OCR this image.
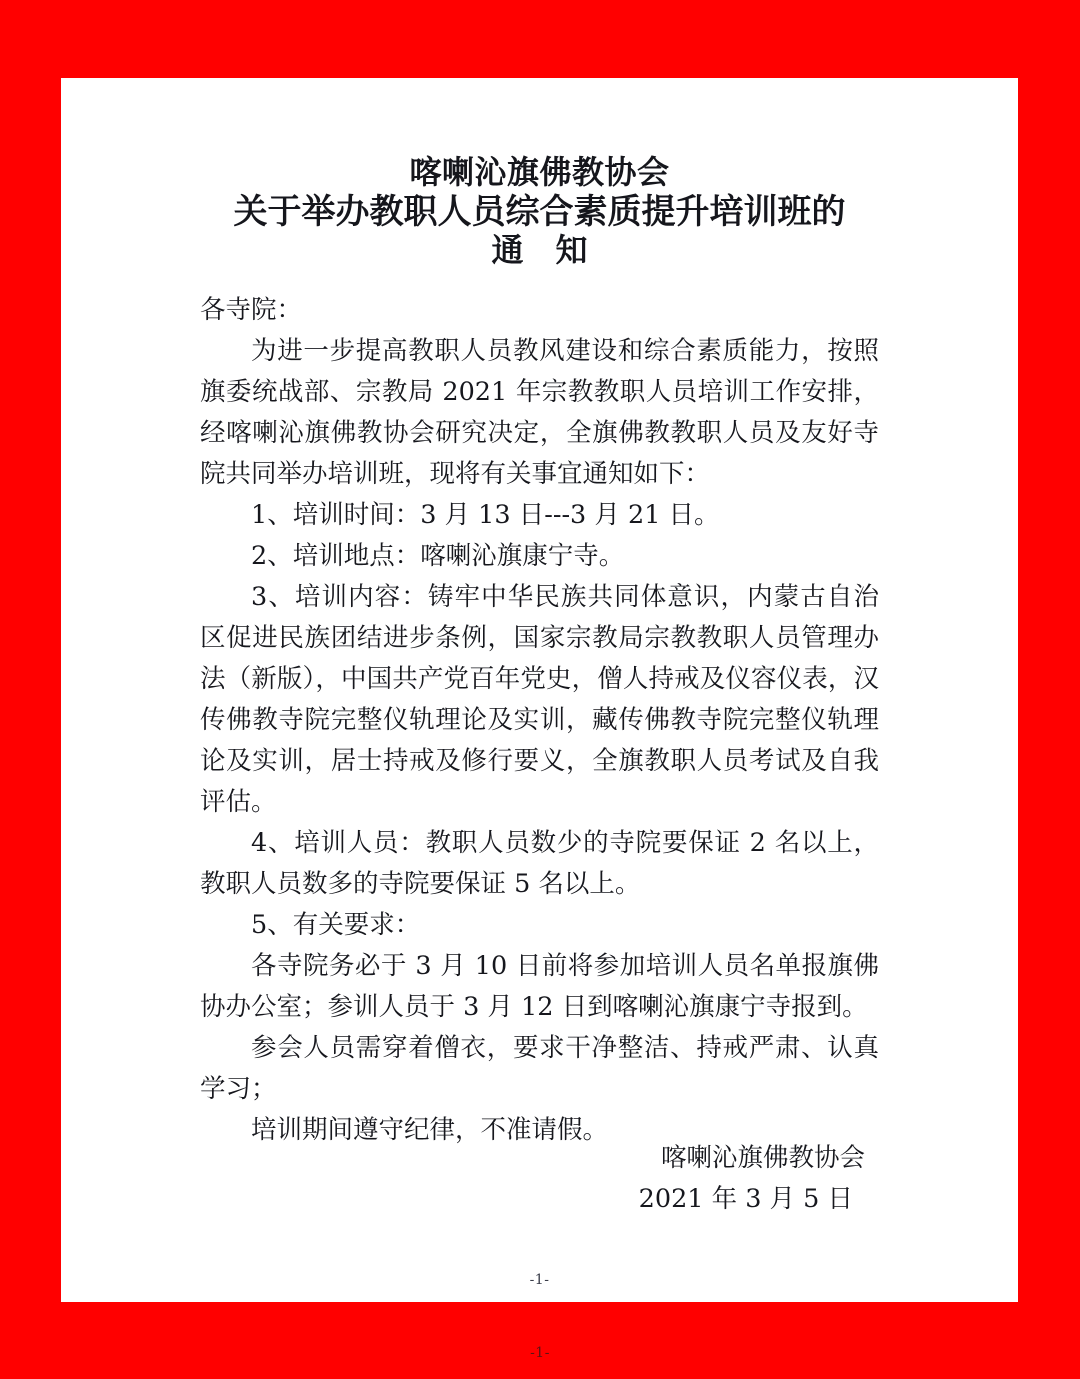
喀喇沁旗佛教协会
关于举办教职人员综合素质提升培训班的
通　知

各寺院：

为进一步提高教职人员教风建设和综合素质能力，按照旗委统战部、宗教局 2021 年宗教教职人员培训工作安排，经喀喇沁旗佛教协会研究决定，全旗佛教教职人员及友好寺院共同举办培训班，现将有关事宜通知如下：

1、培训时间：3 月 13 日---3 月 21 日。

2、培训地点：喀喇沁旗康宁寺。

3、培训内容：铸牢中华民族共同体意识，内蒙古自治区促进民族团结进步条例，国家宗教局宗教教职人员管理办法（新版），中国共产党百年党史，僧人持戒及仪容仪表，汉传佛教寺院完整仪轨理论及实训，藏传佛教寺院完整仪轨理论及实训，居士持戒及修行要义，全旗教职人员考试及自我评估。

4、培训人员：教职人员数少的寺院要保证 2 名以上，教职人员数多的寺院要保证 5 名以上。

5、有关要求：

各寺院务必于 3 月 10 日前将参加培训人员名单报旗佛协办公室；参训人员于 3 月 12 日到喀喇沁旗康宁寺报到。

参会人员需穿着僧衣，要求干净整洁、持戒严肃、认真学习；

培训期间遵守纪律，不准请假。

喀喇沁旗佛教协会
2021 年 3 月 5 日
-1-
-1-
